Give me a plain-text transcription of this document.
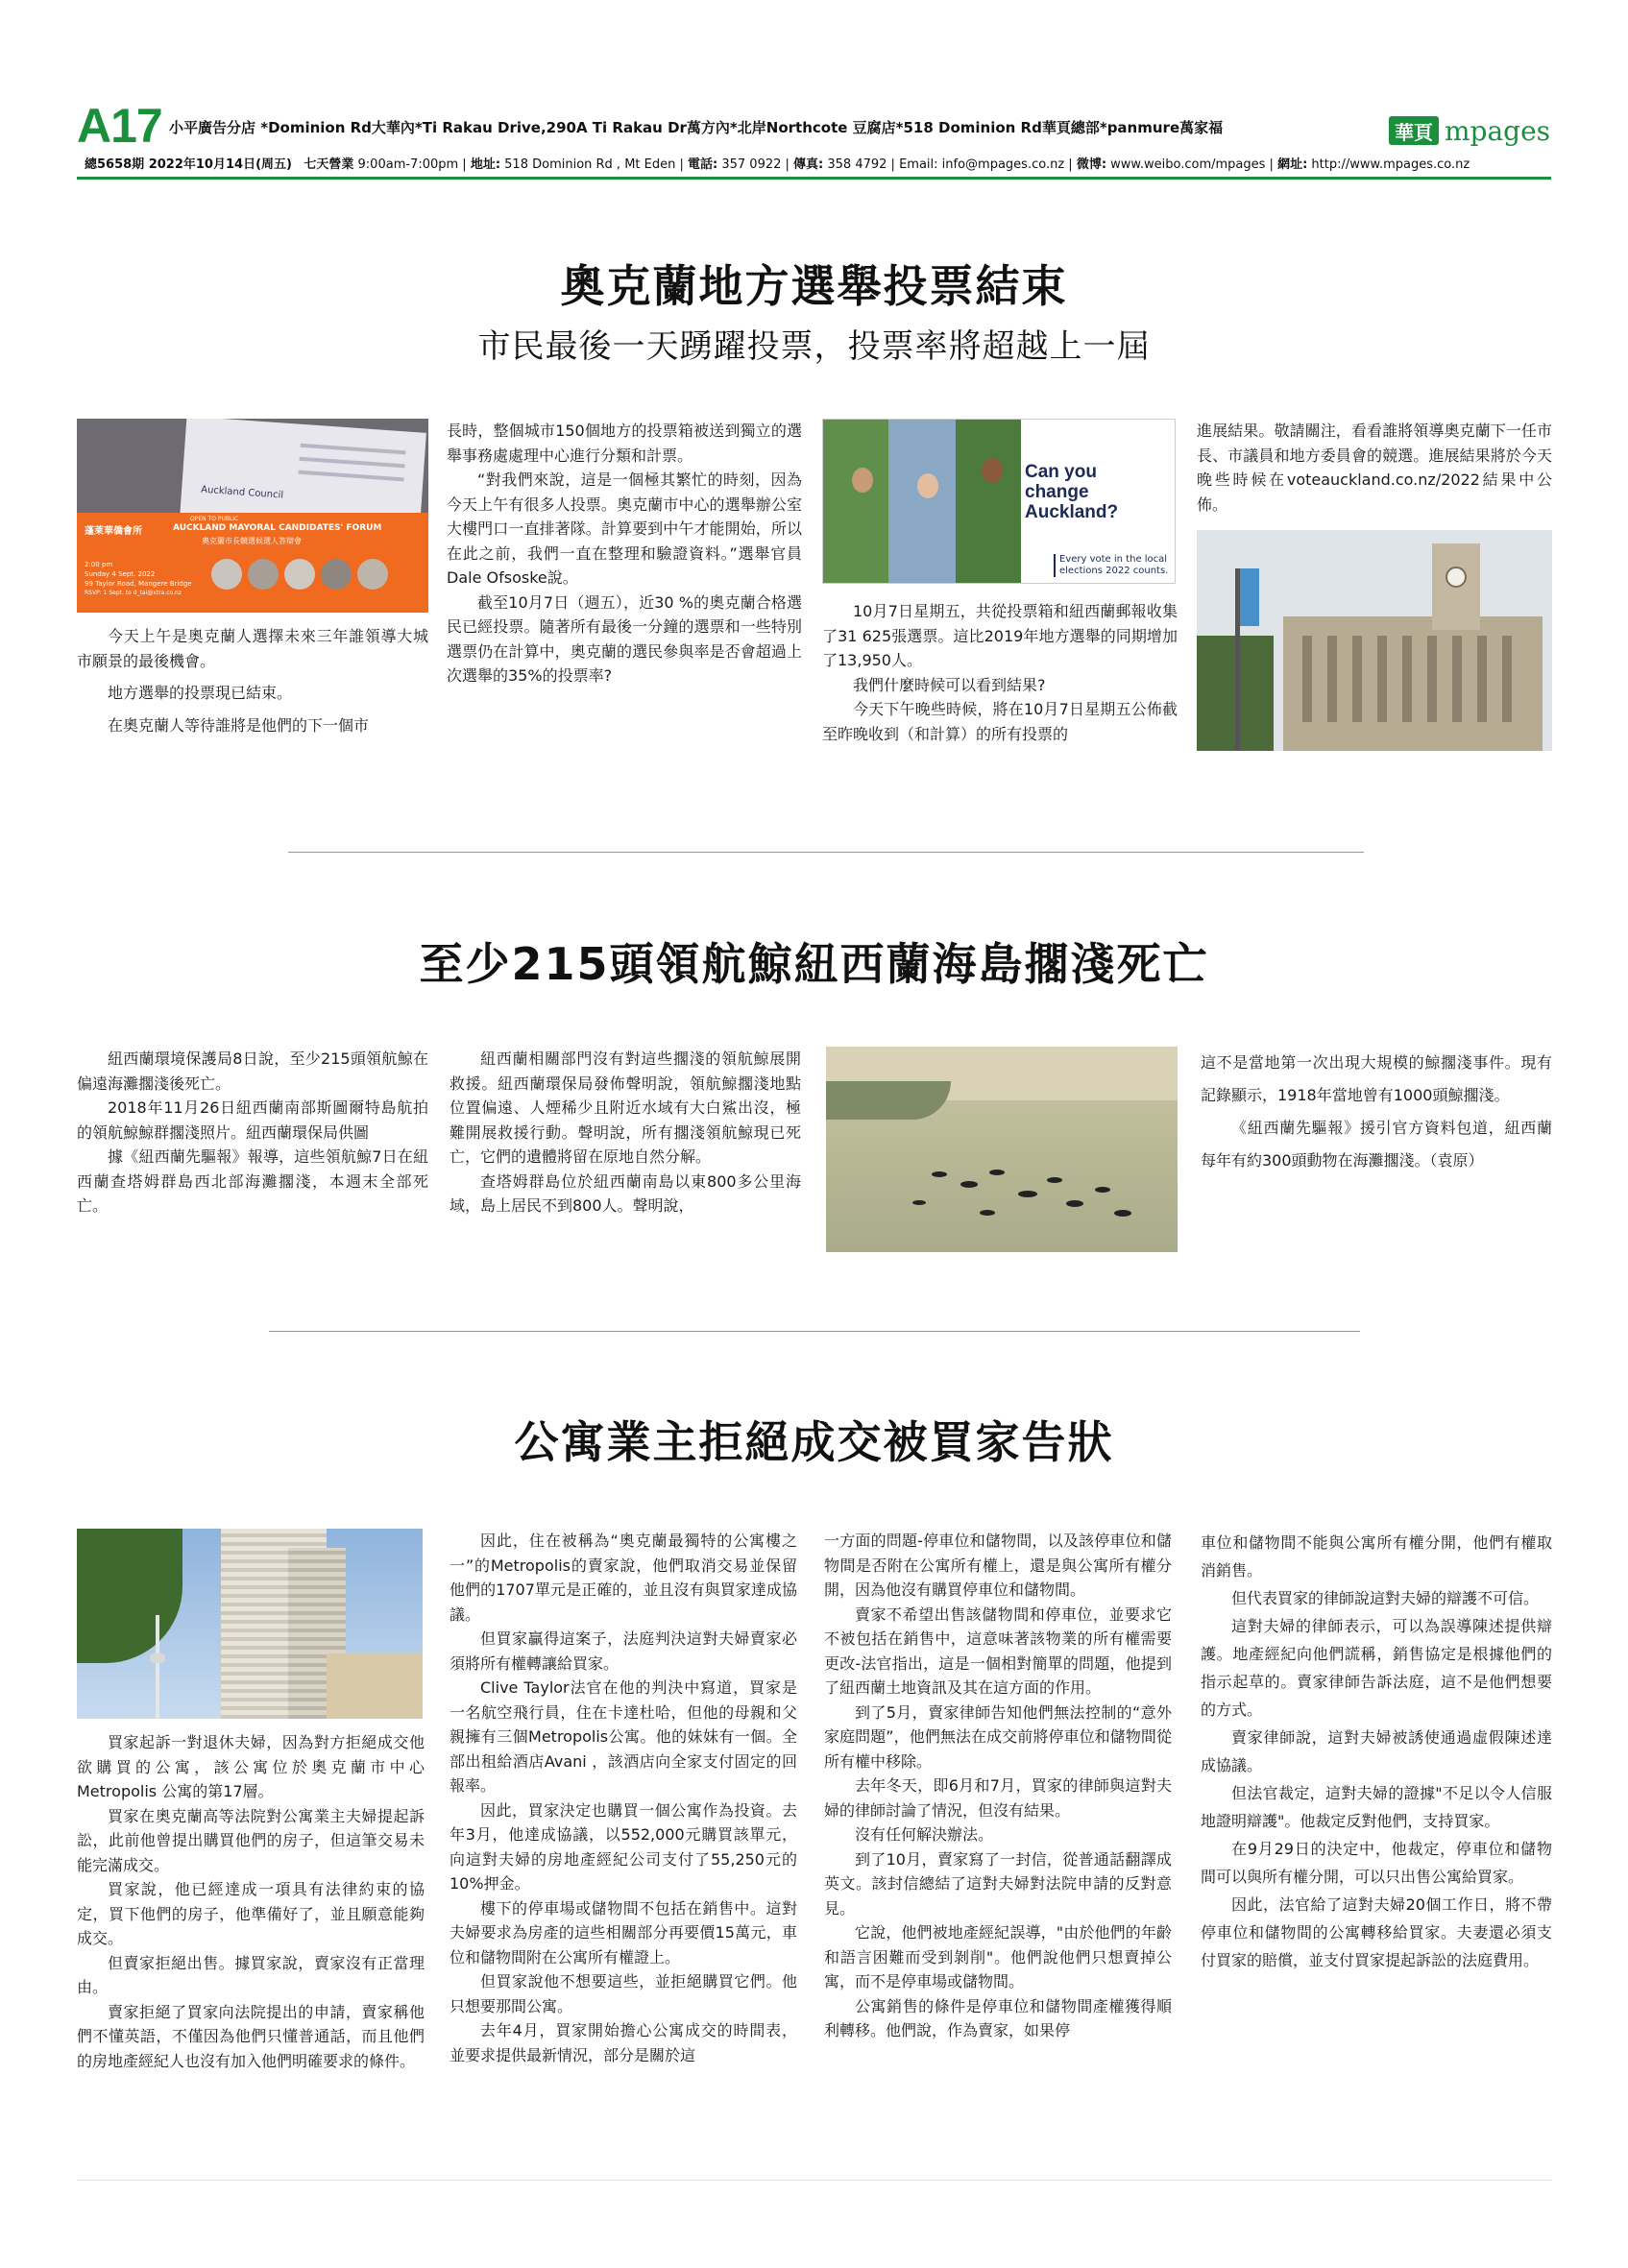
A17 小平廣告分店 *Dominion Rd大華內*Ti Rakau Drive,290A Ti Rakau Dr萬方內*北岸Northcote 豆腐店*518 Dominion Rd華頁總部*panmure萬家福
總5658期 2022年10月14日(周五) 七天營業 9:00am-7:00pm | 地址: 518 Dominion Rd , Mt Eden | 電話: 357 0922 | 傳真: 358 4792 | Email: info@mpages.co.nz | 微博: www.weibo.com/mpages | 網址: http://www.mpages.co.nz
華頁 mpages
奧克蘭地方選舉投票結束
市民最後一天踴躍投票，投票率將超越上一屆
Auckland Council
蓬萊華僑會所
OPEN TO PUBLIC
AUCKLAND MAYORAL CANDIDATES' FORUM
奧克蘭市長競選候選人答辯會
2:00 pm
Sunday 4 Sept. 2022
99 Taylor Road, Mangere Bridge
RSVP: 1 Sept. to d_tai@xtra.co.nz

今天上午是奧克蘭人選擇未來三年誰領導大城市願景的最後機會。

地方選舉的投票現已結束。

在奧克蘭人等待誰將是他們的下一個市

長時，整個城市150個地方的投票箱被送到獨立的選舉事務處處理中心進行分類和計票。

“對我們來說，這是一個極其繁忙的時刻，因為今天上午有很多人投票。奧克蘭市中心的選舉辦公室大樓門口一直排著隊。計算要到中午才能開始，所以在此之前，我們一直在整理和驗證資料。”選舉官員Dale Ofsoske說。

截至10月7日（週五），近30 %的奧克蘭合格選民已經投票。隨著所有最後一分鐘的選票和一些特別選票仍在計算中，奧克蘭的選民參與率是否會超過上次選舉的35%的投票率?

Can you change Auckland?
Every vote in the local elections 2022 counts.

10月7日星期五，共從投票箱和紐西蘭郵報收集了31 625張選票。這比2019年地方選舉的同期增加了13,950人。

我們什麼時候可以看到結果?

今天下午晚些時候，將在10月7日星期五公佈截至昨晚收到（和計算）的所有投票的

進展結果。敬請關注，看看誰將領導奧克蘭下一任市長、市議員和地方委員會的競選。進展結果將於今天晚些時候在voteauckland.co.nz/2022結果中公佈。

至少215頭領航鯨紐西蘭海島擱淺死亡

紐西蘭環境保護局8日說，至少215頭領航鯨在偏遠海灘擱淺後死亡。

2018年11月26日紐西蘭南部斯圖爾特島航拍的領航鯨鯨群擱淺照片。紐西蘭環保局供圖

據《紐西蘭先驅報》報導，這些領航鯨7日在紐西蘭查塔姆群島西北部海灘擱淺，本週末全部死亡。

紐西蘭相關部門沒有對這些擱淺的領航鯨展開救援。紐西蘭環保局發佈聲明說，領航鯨擱淺地點位置偏遠、人煙稀少且附近水域有大白鯊出沒，極難開展救援行動。聲明說，所有擱淺領航鯨現已死亡，它們的遺體將留在原地自然分解。

查塔姆群島位於紐西蘭南島以東800多公里海域，島上居民不到800人。聲明說，

這不是當地第一次出現大規模的鯨擱淺事件。現有記錄顯示，1918年當地曾有1000頭鯨擱淺。

《紐西蘭先驅報》援引官方資料包道，紐西蘭每年有約300頭動物在海灘擱淺。（袁原）

公寓業主拒絕成交被買家告狀

買家起訴一對退休夫婦，因為對方拒絕成交他欲購買的公寓，該公寓位於奧克蘭市中心Metropolis 公寓的第17層。

買家在奧克蘭高等法院對公寓業主夫婦提起訴訟，此前他曾提出購買他們的房子，但這筆交易未能完滿成交。

買家說，他已經達成一項具有法律約束的協定，買下他們的房子，他準備好了，並且願意能夠成交。

但賣家拒絕出售。據買家說，賣家沒有正當理由。

賣家拒絕了買家向法院提出的申請，賣家稱他們不懂英語，不僅因為他們只懂普通話，而且他們的房地產經紀人也沒有加入他們明確要求的條件。

因此，住在被稱為“奧克蘭最獨特的公寓樓之一”的Metropolis的賣家說，他們取消交易並保留他們的1707單元是正確的，並且沒有與買家達成協議。

但買家贏得這案子，法庭判決這對夫婦賣家必須將所有權轉讓給買家。

Clive Taylor法官在他的判決中寫道，買家是一名航空飛行員，住在卡達杜哈，但他的母親和父親擁有三個Metropolis公寓。他的妹妹有一個。全部出租給酒店Avani ，該酒店向全家支付固定的回報率。

因此，買家決定也購買一個公寓作為投資。去年3月，他達成協議，以552,000元購買該單元，向這對夫婦的房地產經紀公司支付了55,250元的10%押金。

樓下的停車場或儲物間不包括在銷售中。這對夫婦要求為房產的這些相關部分再要價15萬元，車位和儲物間附在公寓所有權證上。

但買家說他不想要這些，並拒絕購買它們。他只想要那間公寓。

去年4月，買家開始擔心公寓成交的時間表，並要求提供最新情況，部分是關於這

一方面的問題-停車位和儲物間，以及該停車位和儲物間是否附在公寓所有權上，還是與公寓所有權分開，因為他沒有購買停車位和儲物間。

賣家不希望出售該儲物間和停車位，並要求它不被包括在銷售中，這意味著該物業的所有權需要更改-法官指出，這是一個相對簡單的問題，他提到了紐西蘭土地資訊及其在這方面的作用。

到了5月，賣家律師告知他們無法控制的“意外家庭問題”，他們無法在成交前將停車位和儲物間從所有權中移除。

去年冬天，即6月和7月，買家的律師與這對夫婦的律師討論了情況，但沒有結果。

沒有任何解決辦法。

到了10月，賣家寫了一封信，從普通話翻譯成英文。該封信總結了這對夫婦對法院申請的反對意見。

它說，他們被地產經紀誤導，"由於他們的年齡和語言困難而受到剝削"。他們說他們只想賣掉公寓，而不是停車場或儲物間。

公寓銷售的條件是停車位和儲物間產權獲得順利轉移。他們說，作為賣家，如果停

車位和儲物間不能與公寓所有權分開，他們有權取消銷售。

但代表買家的律師說這對夫婦的辯護不可信。

這對夫婦的律師表示，可以為誤導陳述提供辯護。地產經紀向他們謊稱，銷售協定是根據他們的指示起草的。賣家律師告訴法庭，這不是他們想要的方式。

賣家律師說，這對夫婦被誘使通過虛假陳述達成協議。

但法官裁定，這對夫婦的證據"不足以令人信服地證明辯護"。他裁定反對他們，支持買家。

在9月29日的決定中，他裁定，停車位和儲物間可以與所有權分開，可以只出售公寓給買家。

因此，法官給了這對夫婦20個工作日，將不帶停車位和儲物間的公寓轉移給買家。夫妻還必須支付買家的賠償，並支付買家提起訴訟的法庭費用。
